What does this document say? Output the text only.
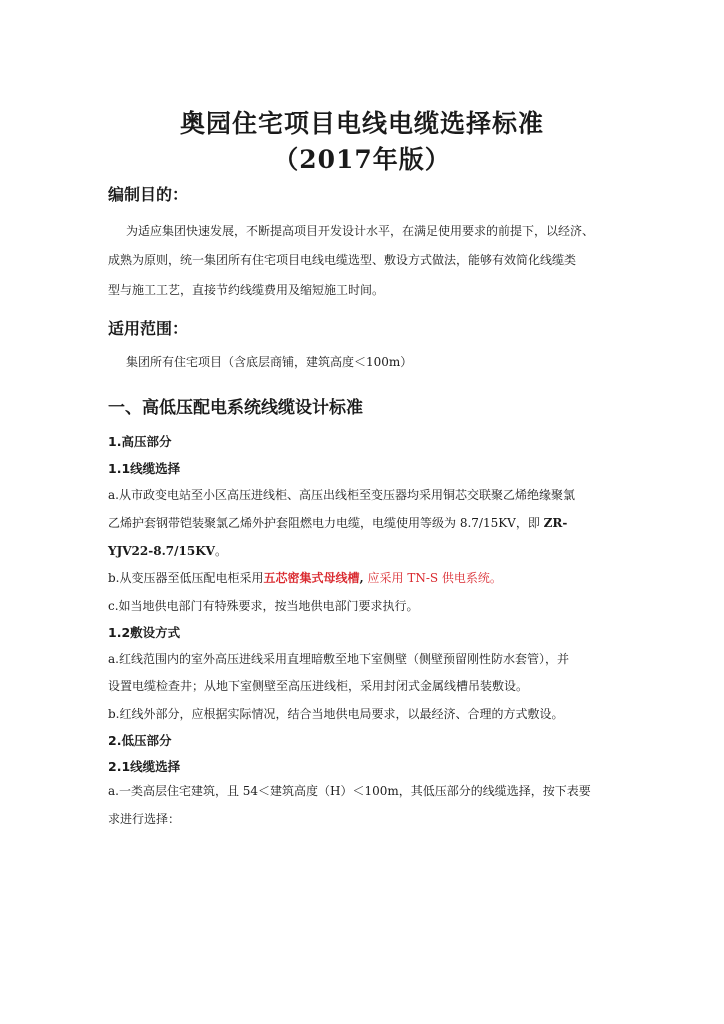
奥园住宅项目电线电缆选择标准
（2017年版）
编制目的：
为适应集团快速发展，不断提高项目开发设计水平，在满足使用要求的前提下，以经济、
成熟为原则，统一集团所有住宅项目电线电缆选型、敷设方式做法，能够有效简化线缆类
型与施工工艺，直接节约线缆费用及缩短施工时间。
适用范围：
集团所有住宅项目（含底层商铺，建筑高度＜100m）
一、高低压配电系统线缆设计标准
1.高压部分
1.1线缆选择
a.从市政变电站至小区高压进线柜、高压出线柜至变压器均采用铜芯交联聚乙烯绝缘聚氯
乙烯护套钢带铠装聚氯乙烯外护套阻燃电力电缆，电缆使用等级为 8.7/15KV，即 ZR-
YJV22-8.7/15KV。
b.从变压器至低压配电柜采用五芯密集式母线槽, 应采用 TN-S 供电系统。
c.如当地供电部门有特殊要求，按当地供电部门要求执行。
1.2敷设方式
a.红线范围内的室外高压进线采用直埋暗敷至地下室侧壁（侧壁预留刚性防水套管），并
设置电缆检查井；从地下室侧壁至高压进线柜，采用封闭式金属线槽吊装敷设。
b.红线外部分，应根据实际情况，结合当地供电局要求，以最经济、合理的方式敷设。
2.低压部分
2.1线缆选择
a.一类高层住宅建筑，且 54＜建筑高度（H）＜100m，其低压部分的线缆选择，按下表要
求进行选择：
